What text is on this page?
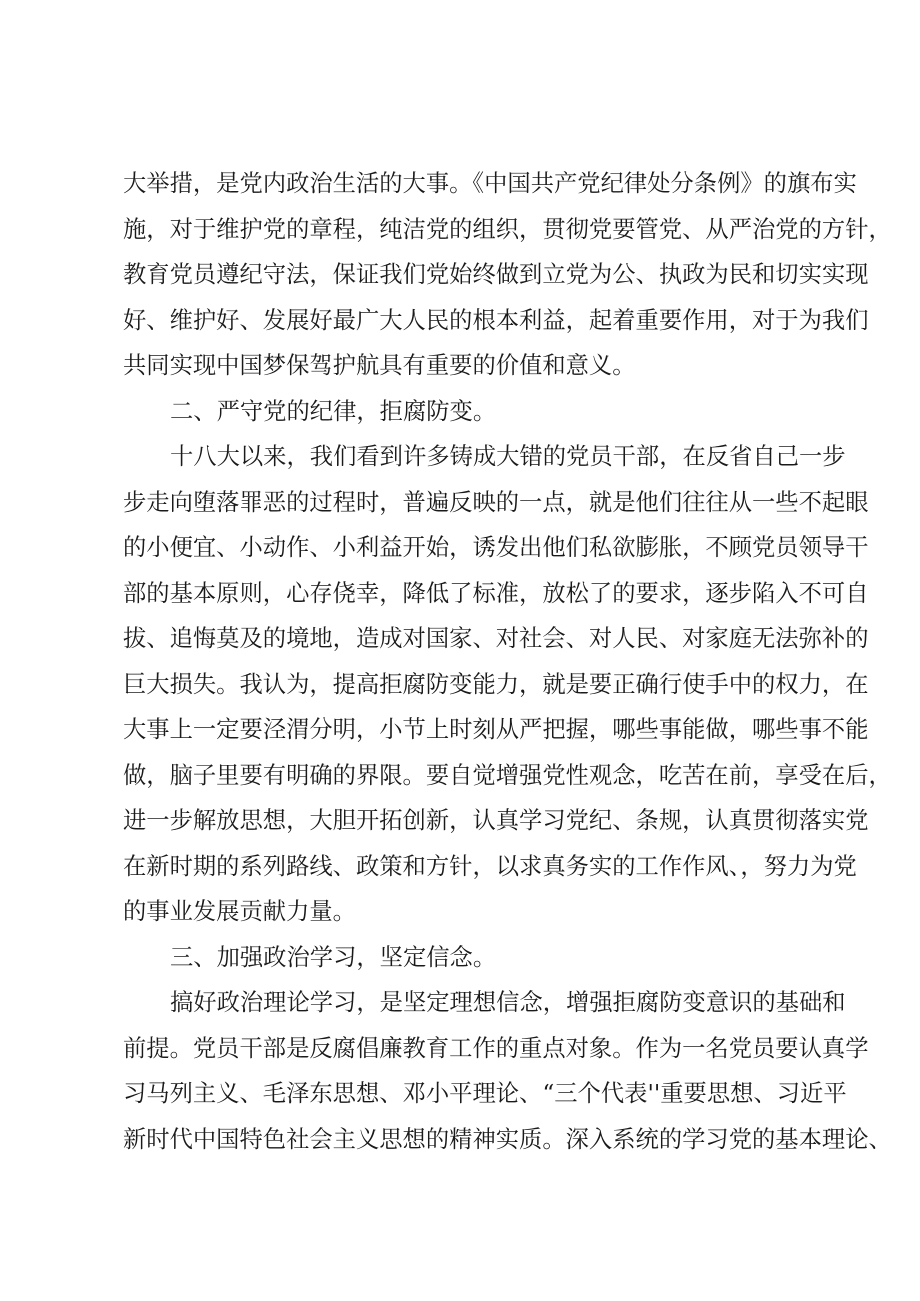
大举措，是党内政治生活的大事。《中国共产党纪律处分条例》的旗布实
施，对于维护党的章程，纯洁党的组织，贯彻党要管党、从严治党的方针，
教育党员遵纪守法，保证我们党始终做到立党为公、执政为民和切实实现
好、维护好、发展好最广大人民的根本利益，起着重要作用，对于为我们
共同实现中国梦保驾护航具有重要的价值和意义。
二、严守党的纪律，拒腐防变。
十八大以来，我们看到许多铸成大错的党员干部，在反省自己一步
步走向堕落罪恶的过程时，普遍反映的一点，就是他们往往从一些不起眼
的小便宜、小动作、小利益开始，诱发出他们私欲膨胀，不顾党员领导干
部的基本原则，心存侥幸，降低了标准，放松了的要求，逐步陷入不可自
拔、追悔莫及的境地，造成对国家、对社会、对人民、对家庭无法弥补的
巨大损失。我认为，提高拒腐防变能力，就是要正确行使手中的权力，在
大事上一定要泾渭分明，小节上时刻从严把握，哪些事能做，哪些事不能
做，脑子里要有明确的界限。要自觉增强党性观念，吃苦在前，享受在后，
进一步解放思想，大胆开拓创新，认真学习党纪、条规，认真贯彻落实党
在新时期的系列路线、政策和方针，以求真务实的工作作风、，努力为党
的事业发展贡献力量。
三、加强政治学习，坚定信念。
搞好政治理论学习，是坚定理想信念，增强拒腐防变意识的基础和
前提。党员干部是反腐倡廉教育工作的重点对象。作为一名党员要认真学
习马列主义、毛泽东思想、邓小平理论、“三个代表''重要思想、习近平
新时代中国特色社会主义思想的精神实质。深入系统的学习党的基本理论、
